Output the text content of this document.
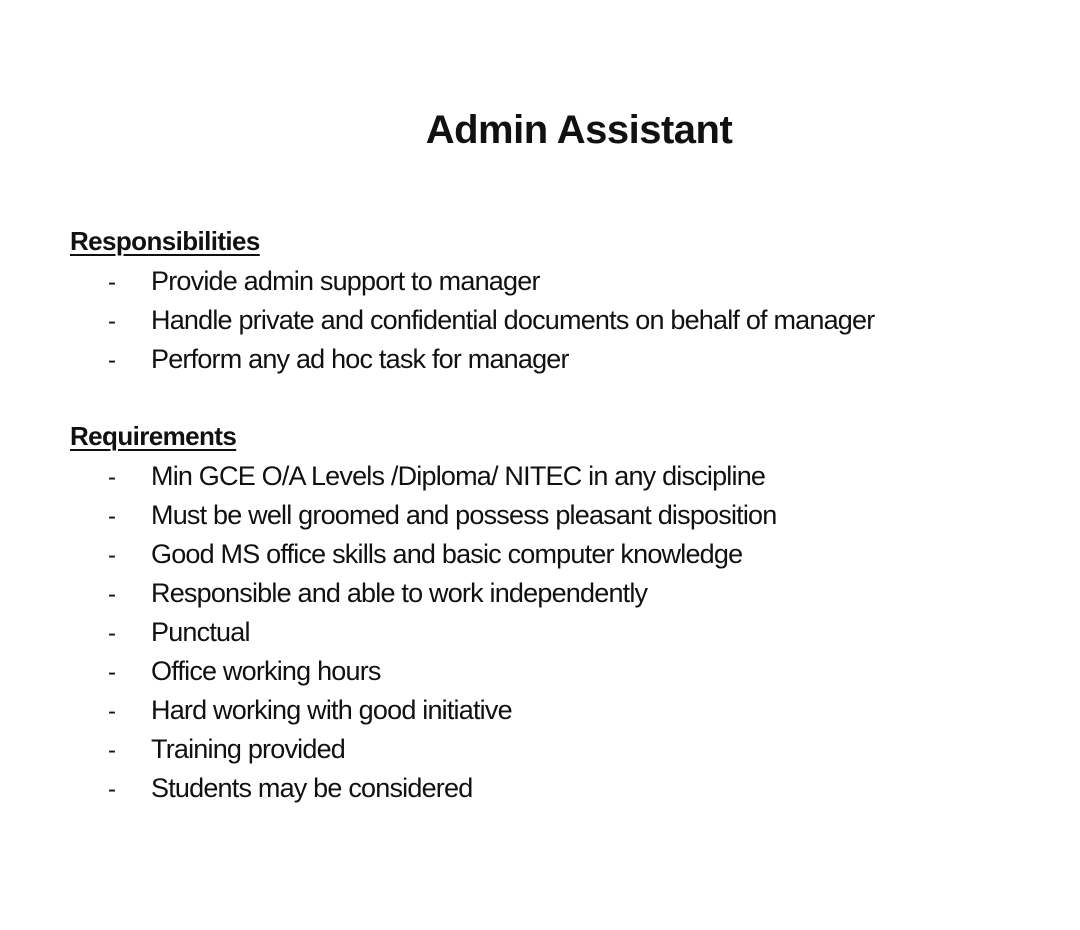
Admin Assistant
Responsibilities
- Provide admin support to manager
- Handle private and confidential documents on behalf of manager
- Perform any ad hoc task for manager
Requirements
- Min GCE O/A Levels /Diploma/ NITEC in any discipline
- Must be well groomed and possess pleasant disposition
- Good MS office skills and basic computer knowledge
- Responsible and able to work independently
- Punctual
- Office working hours
- Hard working with good initiative
- Training provided
- Students may be considered
